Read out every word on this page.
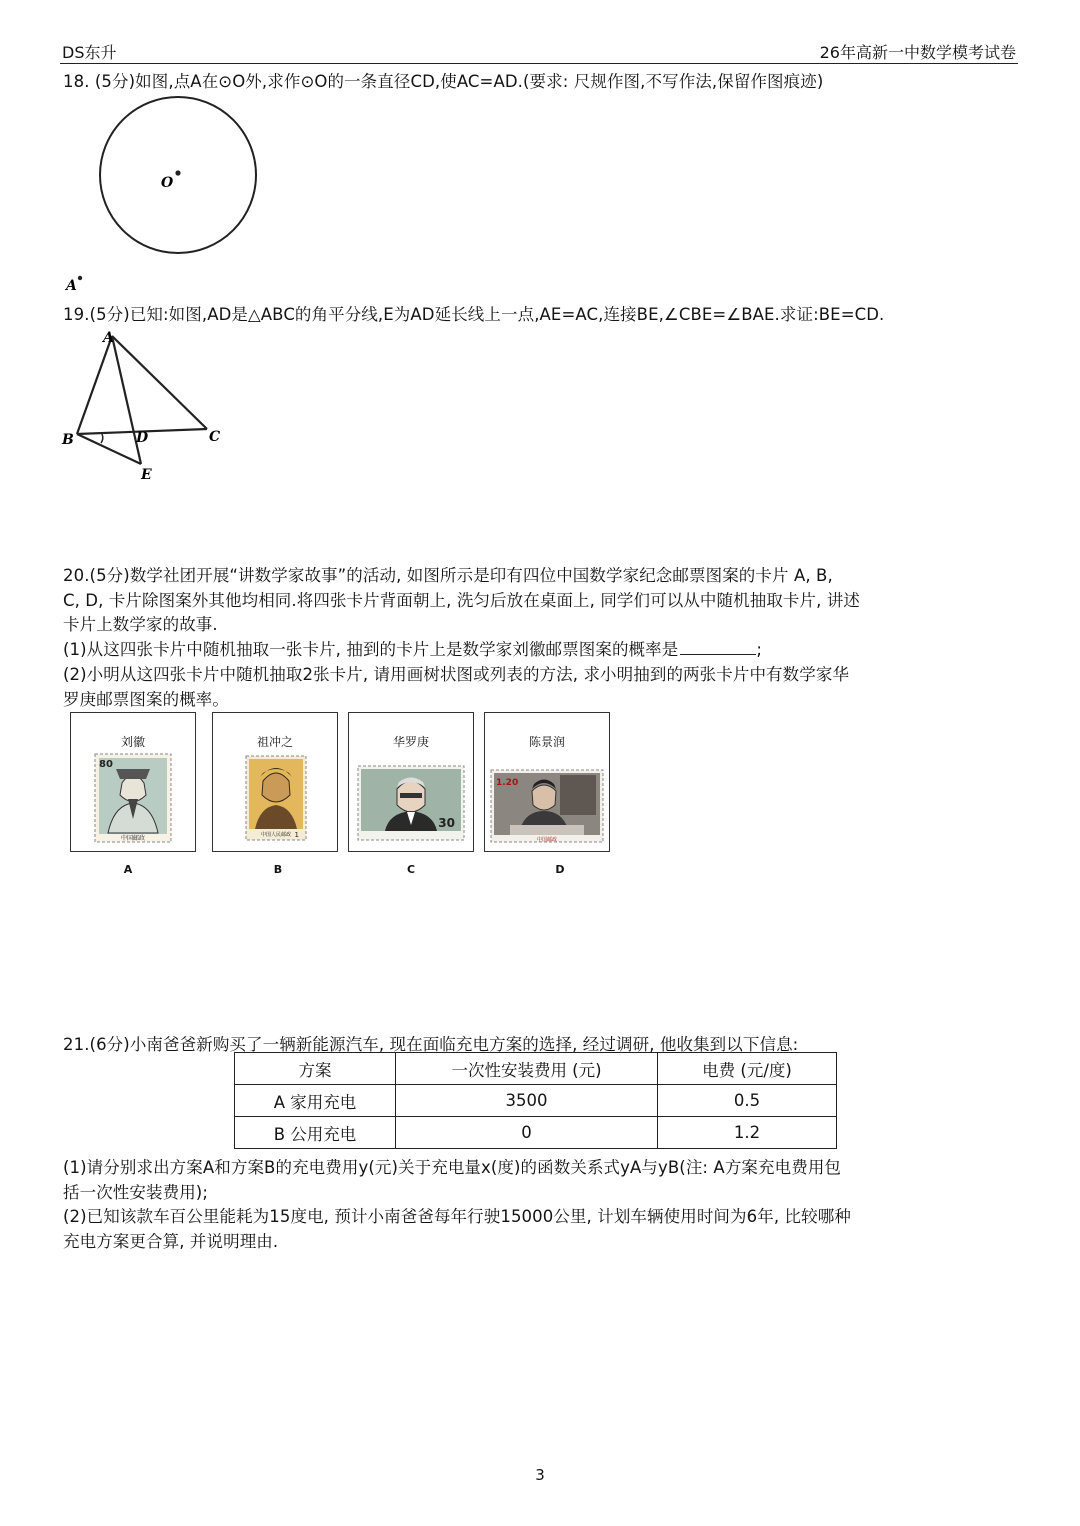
DS东升	26年高新一中数学模考试卷
18. (5分)如图,点A在⊙O外,求作⊙O的一条直径CD,使AC=AD.(要求: 尺规作图,不写作法,保留作图痕迹)
O
A
19.(5分)已知:如图,AD是△ABC的角平分线,E为AD延长线上一点,AE=AC,连接BE,∠CBE=∠BAE.求证:BE=CD.
A
B	C
D
E
20.(5分)数学社团开展“讲数学家故事”的活动, 如图所示是印有四位中国数学家纪念邮票图案的卡片 A, B,
C, D, 卡片除图案外其他均相同.将四张卡片背面朝上, 洗匀后放在桌面上, 同学们可以从中随机抽取卡片, 讲述
卡片上数学家的故事.
(1)从这四张卡片中随机抽取一张卡片, 抽到的卡片上是数学家刘徽邮票图案的概率是	;
(2)小明从这四张卡片中随机抽取2张卡片, 请用画树状图或列表的方法, 求小明抽到的两张卡片中有数学家华
罗庚邮票图案的概率。
刘徽
80
中国邮政
祖冲之
中国人民邮政 1
华罗庚
30
陈景润
1.20
中国邮政
A	B	C	D
21.(6分)小南爸爸新购买了一辆新能源汽车, 现在面临充电方案的选择, 经过调研, 他收集到以下信息:
方案	一次性安装费用 (元)	电费 (元/度)
A 家用充电	3500	0.5
B 公用充电	0	1.2
(1)请分别求出方案A和方案B的充电费用y(元)关于充电量x(度)的函数关系式yA与yB(注: A方案充电费用包
括一次性安装费用);
(2)已知该款车百公里能耗为15度电, 预计小南爸爸每年行驶15000公里, 计划车辆使用时间为6年, 比较哪种
充电方案更合算, 并说明理由.
3
